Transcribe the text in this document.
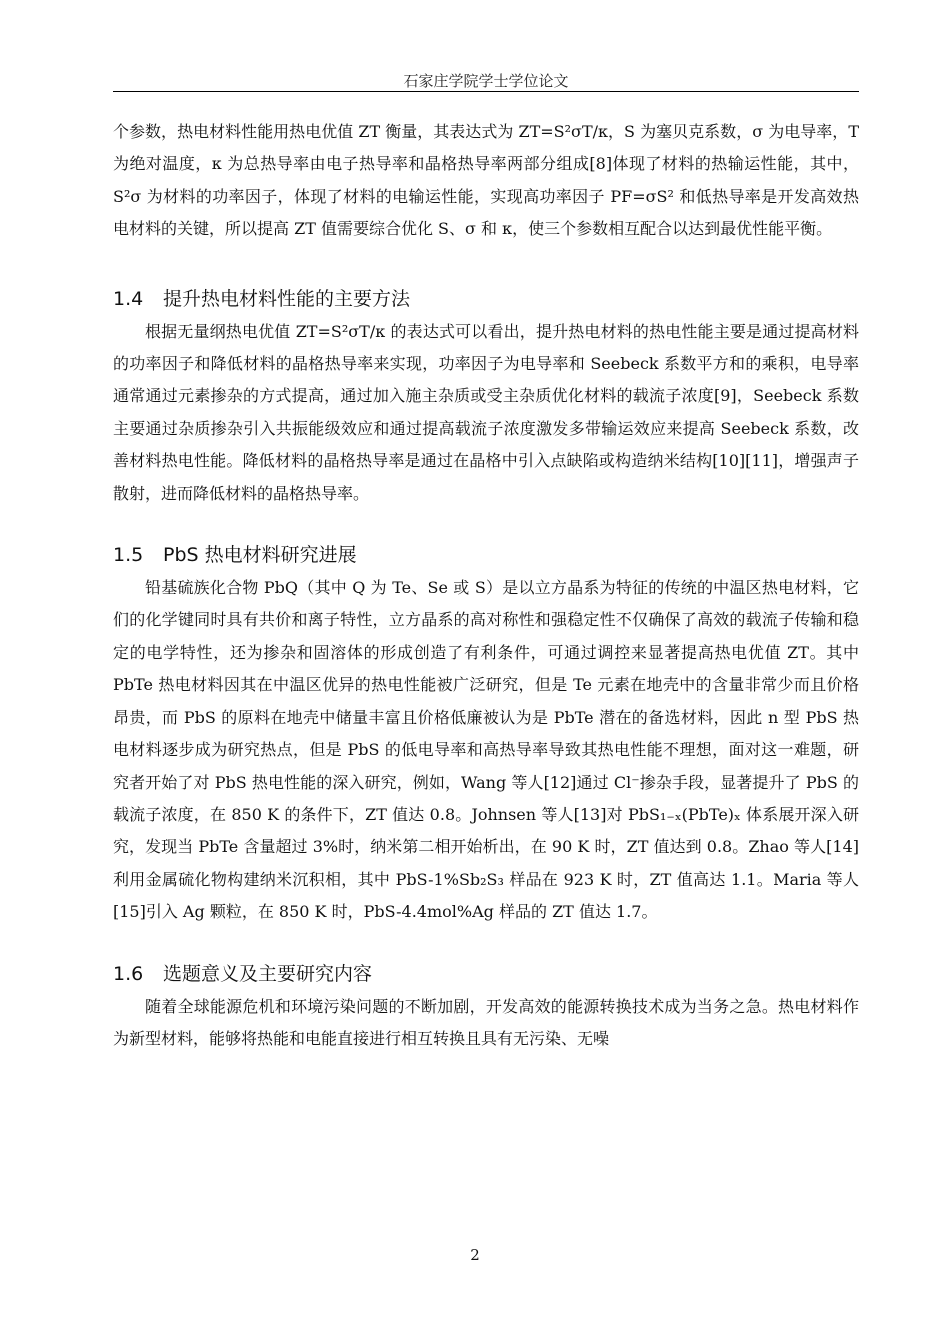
石家庄学院学士学位论文

个参数，热电材料性能用热电优值 ZT 衡量，其表达式为 ZT=S²σT/κ，S 为塞贝克系数，σ 为电导率，T 为绝对温度，κ 为总热导率由电子热导率和晶格热导率两部分组成[8]体现了材料的热输运性能，其中，S²σ 为材料的功率因子，体现了材料的电输运性能，实现高功率因子 PF=σS² 和低热导率是开发高效热电材料的关键，所以提高 ZT 值需要综合优化 S、σ 和 κ，使三个参数相互配合以达到最优性能平衡。

1.4 提升热电材料性能的主要方法

根据无量纲热电优值 ZT=S²σT/κ 的表达式可以看出，提升热电材料的热电性能主要是通过提高材料的功率因子和降低材料的晶格热导率来实现，功率因子为电导率和 Seebeck 系数平方和的乘积，电导率通常通过元素掺杂的方式提高，通过加入施主杂质或受主杂质优化材料的载流子浓度[9]，Seebeck 系数主要通过杂质掺杂引入共振能级效应和通过提高载流子浓度激发多带输运效应来提高 Seebeck 系数，改善材料热电性能。降低材料的晶格热导率是通过在晶格中引入点缺陷或构造纳米结构[10][11]，增强声子散射，进而降低材料的晶格热导率。

1.5 PbS 热电材料研究进展

铅基硫族化合物 PbQ（其中 Q 为 Te、Se 或 S）是以立方晶系为特征的传统的中温区热电材料，它们的化学键同时具有共价和离子特性，立方晶系的高对称性和强稳定性不仅确保了高效的载流子传输和稳定的电学特性，还为掺杂和固溶体的形成创造了有利条件，可通过调控来显著提高热电优值 ZT。其中 PbTe 热电材料因其在中温区优异的热电性能被广泛研究，但是 Te 元素在地壳中的含量非常少而且价格昂贵，而 PbS 的原料在地壳中储量丰富且价格低廉被认为是 PbTe 潜在的备选材料，因此 n 型 PbS 热电材料逐步成为研究热点，但是 PbS 的低电导率和高热导率导致其热电性能不理想，面对这一难题，研究者开始了对 PbS 热电性能的深入研究，例如，Wang 等人[12]通过 Cl⁻掺杂手段，显著提升了 PbS 的载流子浓度，在 850 K 的条件下，ZT 值达 0.8。Johnsen 等人[13]对 PbS₁₋ₓ(PbTe)ₓ 体系展开深入研究，发现当 PbTe 含量超过 3%时，纳米第二相开始析出，在 90 K 时，ZT 值达到 0.8。Zhao 等人[14]利用金属硫化物构建纳米沉积相，其中 PbS-1%Sb₂S₃ 样品在 923 K 时，ZT 值高达 1.1。Maria 等人[15]引入 Ag 颗粒，在 850 K 时，PbS-4.4mol%Ag 样品的 ZT 值达 1.7。

1.6 选题意义及主要研究内容

随着全球能源危机和环境污染问题的不断加剧，开发高效的能源转换技术成为当务之急。热电材料作为新型材料，能够将热能和电能直接进行相互转换且具有无污染、无噪

2
